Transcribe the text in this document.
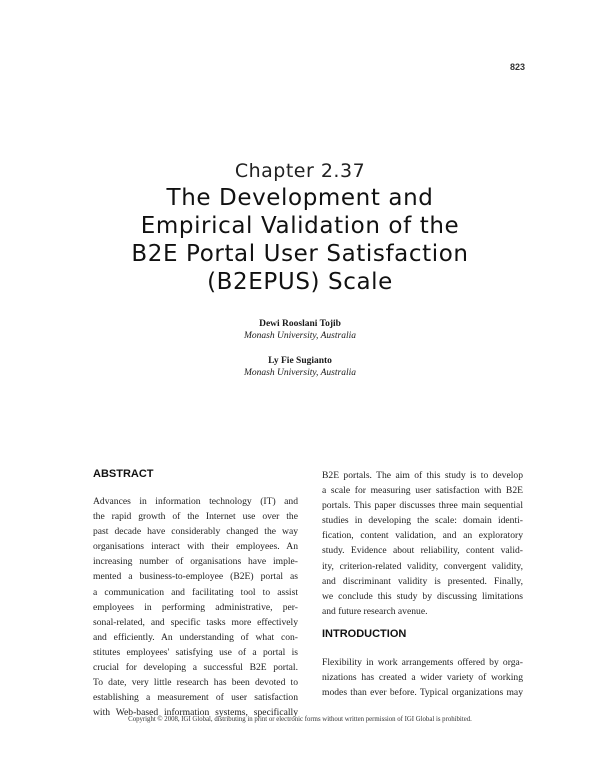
823
Chapter 2.37
The Development and
Empirical Validation of the
B2E Portal User Satisfaction
(B2EPUS) Scale
Dewi Rooslani Tojib
Monash University, Australia
Ly Fie Sugianto
Monash University, Australia
ABSTRACT
Advances in information technology (IT) and
the rapid growth of the Internet use over the
past decade have considerably changed the way
organisations interact with their employees. An
increasing number of organisations have imple-
mented a business-to-employee (B2E) portal as
a communication and facilitating tool to assist
employees in performing administrative, per-
sonal-related, and specific tasks more effectively
and efficiently. An understanding of what con-
stitutes employees' satisfying use of a portal is
crucial for developing a successful B2E portal.
To date, very little research has been devoted to
establishing a measurement of user satisfaction
with Web-based information systems, specifically
B2E portals. The aim of this study is to develop
a scale for measuring user satisfaction with B2E
portals. This paper discusses three main sequential
studies in developing the scale: domain identi-
fication, content validation, and an exploratory
study. Evidence about reliability, content valid-
ity, criterion-related validity, convergent validity,
and discriminant validity is presented. Finally,
we conclude this study by discussing limitations
and future research avenue.
INTRODUCTION
Flexibility in work arrangements offered by orga-
nizations has created a wider variety of working
modes than ever before. Typical organizations may
Copyright © 2008, IGI Global, distributing in print or electronic forms without written permission of IGI Global is prohibited.
